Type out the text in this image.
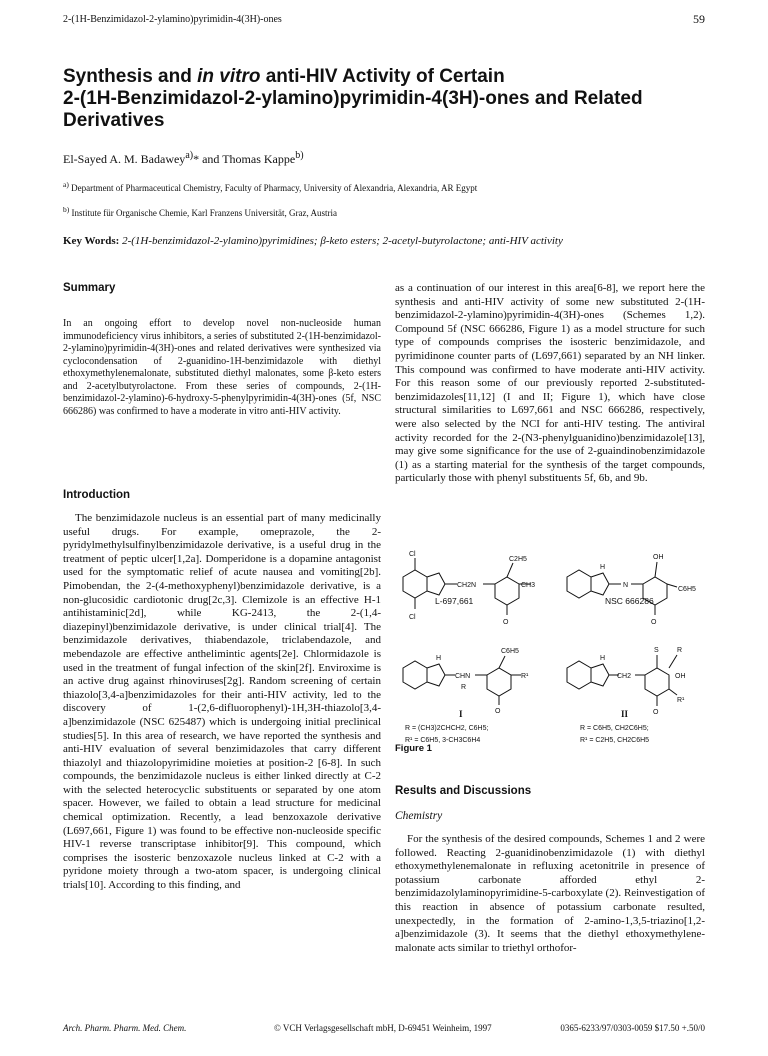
2-(1H-Benzimidazol-2-ylamino)pyrimidin-4(3H)-ones	59
Synthesis and in vitro anti-HIV Activity of Certain
2-(1H-Benzimidazol-2-ylamino)pyrimidin-4(3H)-ones and Related
Derivatives
El-Sayed A. M. Badawey$^{a)}$* and Thomas Kappe$^{b)}$
$^{a)}$ Department of Pharmaceutical Chemistry, Faculty of Pharmacy, University of Alexandria, Alexandria, AR Egypt
$^{b)}$ Institute für Organische Chemie, Karl Franzens Universität, Graz, Austria
Key Words: 2-(1H-benzimidazol-2-ylamino)pyrimidines; β-keto esters; 2-acetyl-butyrolactone; anti-HIV activity
Summary
In an ongoing effort to develop novel non-nucleoside human immunodeficiency virus inhibitors, a series of substituted 2-(1H-benzimidazol-2-ylamino)pyrimidin-4(3H)-ones and related derivatives were synthesized via cyclocondensation of 2-guanidino-1H-benzimidazole with diethyl ethoxymethylenemalonate, substituted diethyl malonates, some β-keto esters and 2-acetylbutyrolactone. From these series of compounds, 2-(1H-benzimidazol-2-ylamino)-6-hydroxy-5-phenylpyrimidin-4(3H)-ones (5f, NSC 666286) was confirmed to have a moderate in vitro anti-HIV activity.
Introduction
The benzimidazole nucleus is an essential part of many medicinally useful drugs. For example, omeprazole, the 2-pyridylmethylsulfinylbenzimidazole derivative, is a useful drug in the treatment of peptic ulcer[1,2a]. Domperidone is a dopamine antagonist used for the symptomatic relief of acute nausea and vomiting[2b]. Pimobendan, the 2-(4-methoxyphenyl)benzimidazole derivative, is a non-glucosidic cardiotonic drug[2c,3]. Clemizole is an effective H-1 antihistaminic[2d], while KG-2413, the 2-(1,4-diazepinyl)benzimidazole derivative, is under clinical trial[4]. The benzimidazole derivatives, thiabendazole, triclabendazole, and mebendazole are effective anthelimintic agents[2e]. Chlormidazole is used in the treatment of fungal infection of the skin[2f]. Enviroxime is an active drug against rhinoviruses[2g]. Random screening of certain thiazolo[3,4-a]benzimidazoles for their anti-HIV activity, led to the discovery of 1-(2,6-difluorophenyl)-1H,3H-thiazolo[3,4-a]benzimidazole (NSC 625487) which is undergoing initial preclinical studies[5]. In this area of research, we have reported the synthesis and anti-HIV evaluation of several benzimidazoles that carry different thiazolyl and thiazolopyrimidine moieties at position-2 [6-8]. In such compounds, the benzimidazole nucleus is either linked directly at C-2 with the selected heterocyclic substituents or separated by one atom spacer. However, we failed to obtain a lead structure for medicinal chemical optimization. Recently, a lead benzoxazole derivative (L697,661, Figure 1) was found to be effective non-nucleoside specific HIV-1 reverse transcriptase inhibitor[9]. This compound, which comprises the isosteric benzoxazole nucleus linked at C-2 with a pyridone moiety through a two-atom spacer, is undergoing clinical trials[10]. According to this finding, and
as a continuation of our interest in this area[6-8], we report here the synthesis and anti-HIV activity of some new substituted 2-(1H-benzimidazol-2-ylamino)pyrimidin-4(3H)-ones (Schemes 1,2). Compound 5f (NSC 666286, Figure 1) as a model structure for such type of compounds comprises the isosteric benzimidazole, and pyrimidinone counter parts of (L697,661) separated by an NH linker. This compound was confirmed to have moderate anti-HIV activity. For this reason some of our previously reported 2-substituted-benzimidazoles[11,12] (I and II; Figure 1), which have close structural similarities to L697,661 and NSC 666286, respectively, were also selected by the NCI for anti-HIV testing. The antiviral activity recorded for the 2-(N3-phenylguanidino)benzimidazole[13], may give some significance for the use of 2-guaindinobenzimidazole (1) as a starting material for the synthesis of the target compounds, particularly those with phenyl substituents 5f, 6b, and 9b.
Cl
Cl
CH2N
C2H5
CH3
O
L-697,661
H
N
OH
C6H5
O
NSC 666286
H
CHN
C6H5
R¹
R
O
I
H
CH2
S	R
OH
R¹
O
II
R = (CH3)2CHCH2, C6H5;
R¹ = C6H5, 3-CH3C6H4
R = C6H5, CH2C6H5;
R¹ = C2H5, CH2C6H5
Figure 1
Results and Discussions
Chemistry
For the synthesis of the desired compounds, Schemes 1 and 2 were followed. Reacting 2-guanidinobenzimidazole (1) with diethyl ethoxymethylenemalonate in refluxing acetonitrile in presence of potassium carbonate afforded ethyl 2-benzimidazolylaminopyrimidine-5-carboxylate (2). Reinvestigation of this reaction in absence of potassium carbonate resulted, unexpectedly, in the formation of 2-amino-1,3,5-triazino[1,2-a]benzimidazole (3). It seems that the diethyl ethoxymethylene-malonate acts similar to triethyl orthofor-
Arch. Pharm. Pharm. Med. Chem.	© VCH Verlagsgesellschaft mbH, D-69451 Weinheim, 1997	0365-6233/97/0303-0059 $17.50 +.50/0
